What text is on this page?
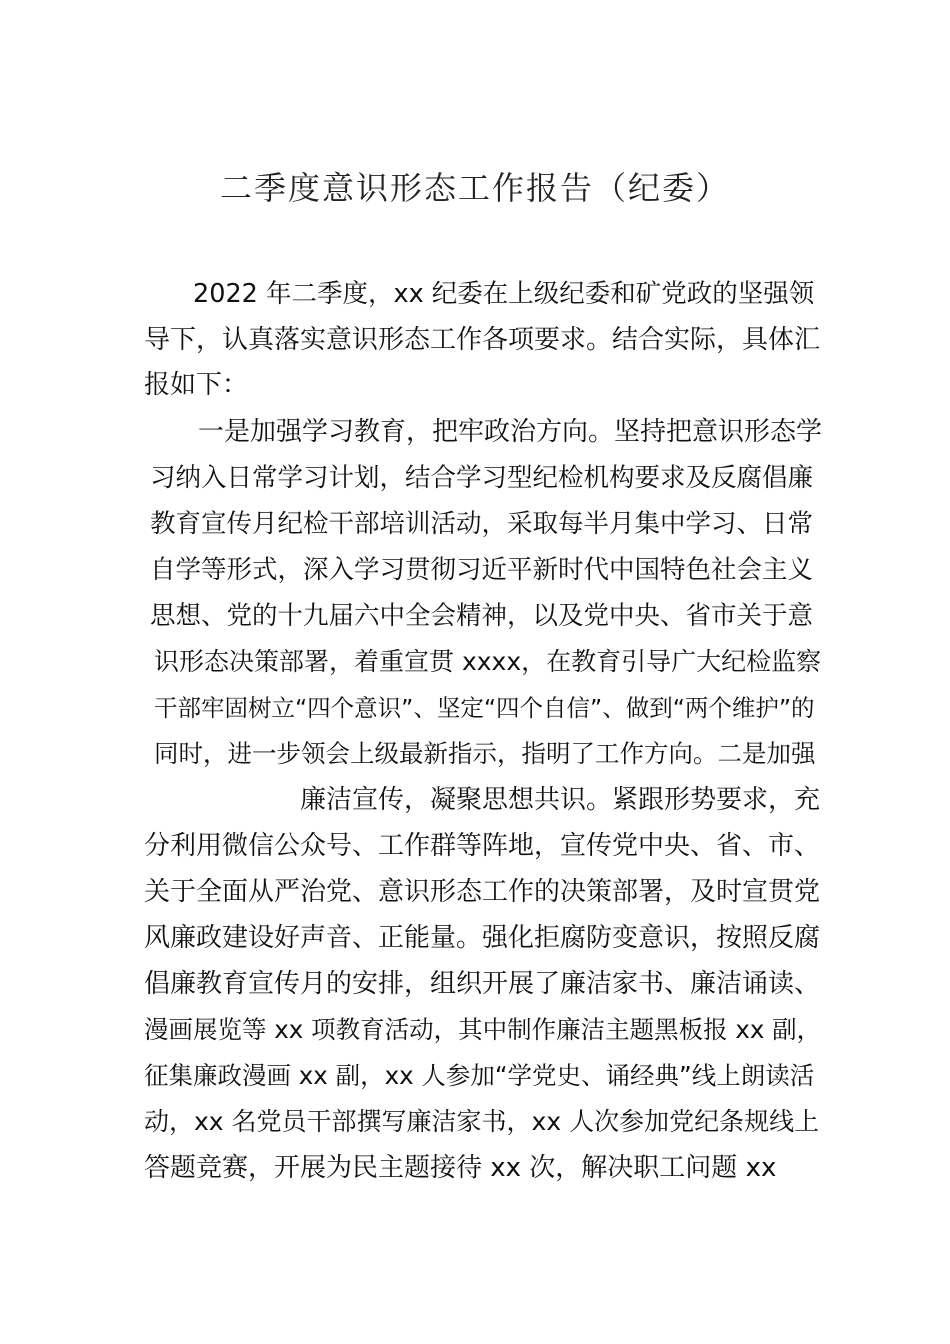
二季度意识形态工作报告（纪委）
2022 年二季度，xx 纪委在上级纪委和矿党政的坚强领
导下，认真落实意识形态工作各项要求。结合实际，具体汇
报如下：
一是加强学习教育，把牢政治方向。坚持把意识形态学
习纳入日常学习计划，结合学习型纪检机构要求及反腐倡廉
教育宣传月纪检干部培训活动，采取每半月集中学习、日常
自学等形式，深入学习贯彻习近平新时代中国特色社会主义
思想、党的十九届六中全会精神，以及党中央、省市关于意
识形态决策部署，着重宣贯 xxxx，在教育引导广大纪检监察
干部牢固树立“四个意识”、坚定“四个自信”、做到“两个维护”的
同时，进一步领会上级最新指示，指明了工作方向。二是加强
廉洁宣传，凝聚思想共识。紧跟形势要求，充
分利用微信公众号、工作群等阵地，宣传党中央、省、市、
关于全面从严治党、意识形态工作的决策部署，及时宣贯党
风廉政建设好声音、正能量。强化拒腐防变意识，按照反腐
倡廉教育宣传月的安排，组织开展了廉洁家书、廉洁诵读、
漫画展览等 xx 项教育活动，其中制作廉洁主题黑板报 xx 副，
征集廉政漫画 xx 副，xx 人参加“学党史、诵经典”线上朗读活
动，xx 名党员干部撰写廉洁家书，xx 人次参加党纪条规线上
答题竞赛，开展为民主题接待 xx 次，解决职工问题 xx
